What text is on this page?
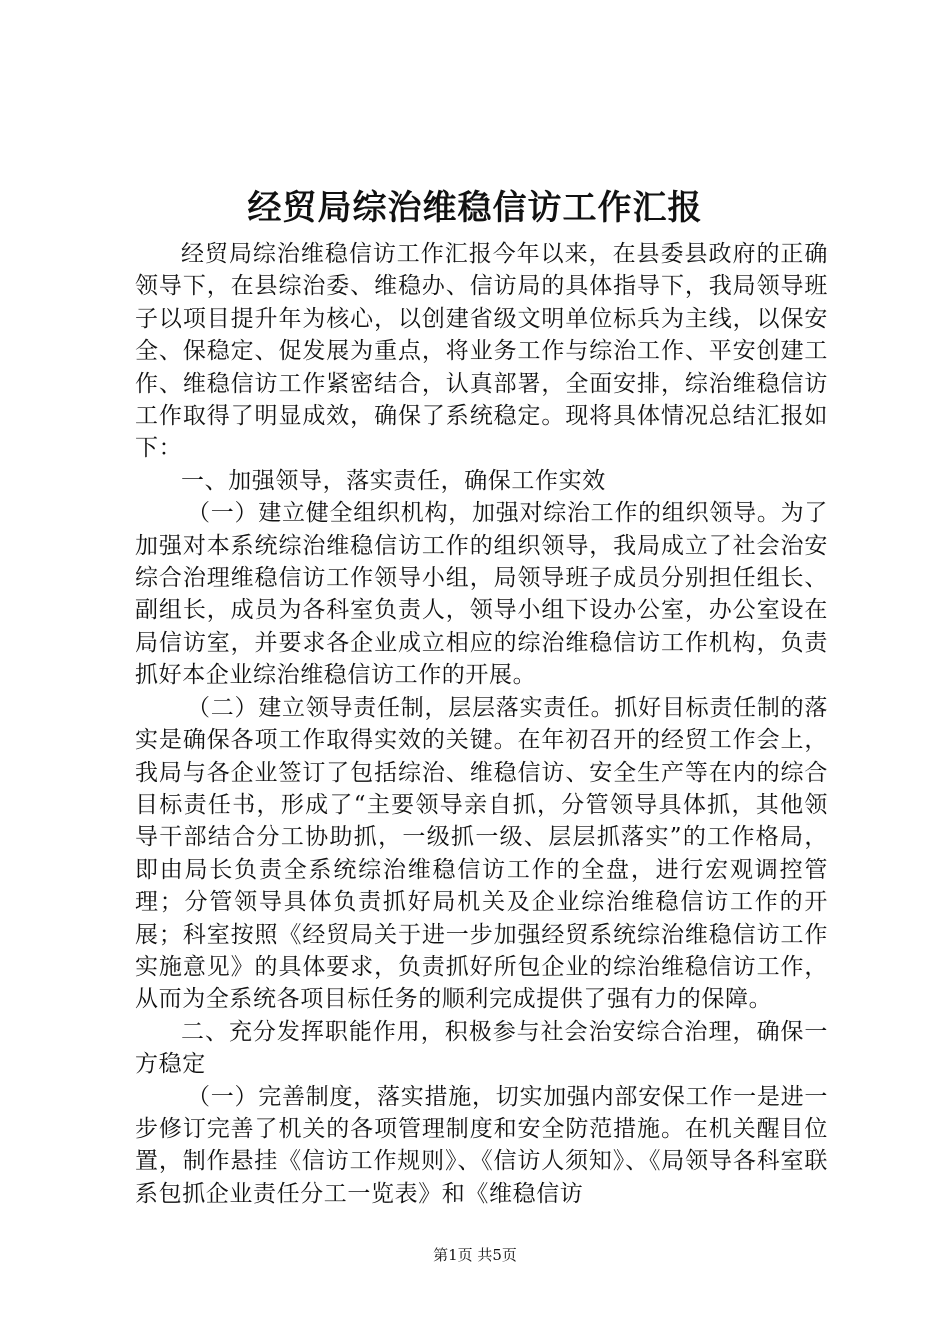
经贸局综治维稳信访工作汇报

经贸局综治维稳信访工作汇报今年以来，在县委县政府的正确领导下，在县综治委、维稳办、信访局的具体指导下，我局领导班子以项目提升年为核心，以创建省级文明单位标兵为主线，以保安全、保稳定、促发展为重点，将业务工作与综治工作、平安创建工作、维稳信访工作紧密结合，认真部署，全面安排，综治维稳信访工作取得了明显成效，确保了系统稳定。现将具体情况总结汇报如下：

一、加强领导，落实责任，确保工作实效

（一）建立健全组织机构，加强对综治工作的组织领导。为了加强对本系统综治维稳信访工作的组织领导，我局成立了社会治安综合治理维稳信访工作领导小组，局领导班子成员分别担任组长、副组长，成员为各科室负责人，领导小组下设办公室，办公室设在局信访室，并要求各企业成立相应的综治维稳信访工作机构，负责抓好本企业综治维稳信访工作的开展。

（二）建立领导责任制，层层落实责任。抓好目标责任制的落实是确保各项工作取得实效的关键。在年初召开的经贸工作会上，我局与各企业签订了包括综治、维稳信访、安全生产等在内的综合目标责任书，形成了“主要领导亲自抓，分管领导具体抓，其他领导干部结合分工协助抓，一级抓一级、层层抓落实”的工作格局，即由局长负责全系统综治维稳信访工作的全盘，进行宏观调控管理；分管领导具体负责抓好局机关及企业综治维稳信访工作的开展；科室按照《经贸局关于进一步加强经贸系统综治维稳信访工作实施意见》的具体要求，负责抓好所包企业的综治维稳信访工作，从而为全系统各项目标任务的顺利完成提供了强有力的保障。

二、充分发挥职能作用，积极参与社会治安综合治理，确保一方稳定

（一）完善制度，落实措施，切实加强内部安保工作一是进一步修订完善了机关的各项管理制度和安全防范措施。在机关醒目位置，制作悬挂《信访工作规则》、《信访人须知》、《局领导各科室联系包抓企业责任分工一览表》和《维稳信访

第1页 共5页
